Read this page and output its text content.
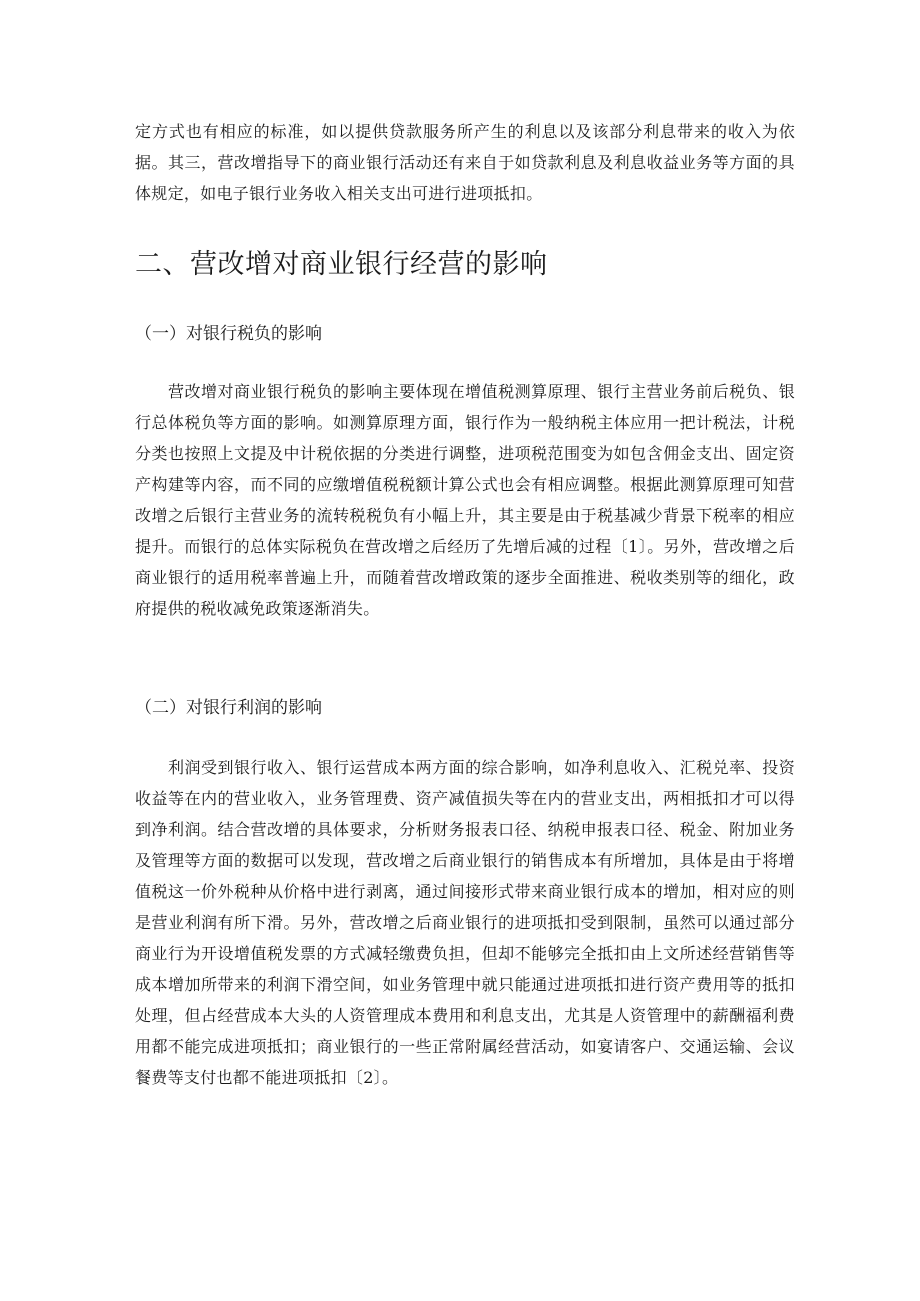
定方式也有相应的标准，如以提供贷款服务所产生的利息以及该部分利息带来的收入为依据。其三，营改增指导下的商业银行活动还有来自于如贷款利息及利息收益业务等方面的具体规定，如电子银行业务收入相关支出可进行进项抵扣。

二、营改增对商业银行经营的影响
（一）对银行税负的影响

营改增对商业银行税负的影响主要体现在增值税测算原理、银行主营业务前后税负、银行总体税负等方面的影响。如测算原理方面，银行作为一般纳税主体应用一把计税法，计税分类也按照上文提及中计税依据的分类进行调整，进项税范围变为如包含佣金支出、固定资产构建等内容，而不同的应缴增值税税额计算公式也会有相应调整。根据此测算原理可知营改增之后银行主营业务的流转税税负有小幅上升，其主要是由于税基减少背景下税率的相应提升。而银行的总体实际税负在营改增之后经历了先增后减的过程〔1〕。另外，营改增之后商业银行的适用税率普遍上升，而随着营改增政策的逐步全面推进、税收类别等的细化，政府提供的税收减免政策逐渐消失。

（二）对银行利润的影响

利润受到银行收入、银行运营成本两方面的综合影响，如净利息收入、汇税兑率、投资收益等在内的营业收入，业务管理费、资产减值损失等在内的营业支出，两相抵扣才可以得到净利润。结合营改增的具体要求，分析财务报表口径、纳税申报表口径、税金、附加业务及管理等方面的数据可以发现，营改增之后商业银行的销售成本有所增加，具体是由于将增值税这一价外税种从价格中进行剥离，通过间接形式带来商业银行成本的增加，相对应的则是营业利润有所下滑。另外，营改增之后商业银行的进项抵扣受到限制，虽然可以通过部分商业行为开设增值税发票的方式减轻缴费负担，但却不能够完全抵扣由上文所述经营销售等成本增加所带来的利润下滑空间，如业务管理中就只能通过进项抵扣进行资产费用等的抵扣处理，但占经营成本大头的人资管理成本费用和利息支出，尤其是人资管理中的薪酬福利费用都不能完成进项抵扣；商业银行的一些正常附属经营活动，如宴请客户、交通运输、会议餐费等支付也都不能进项抵扣〔2〕。
